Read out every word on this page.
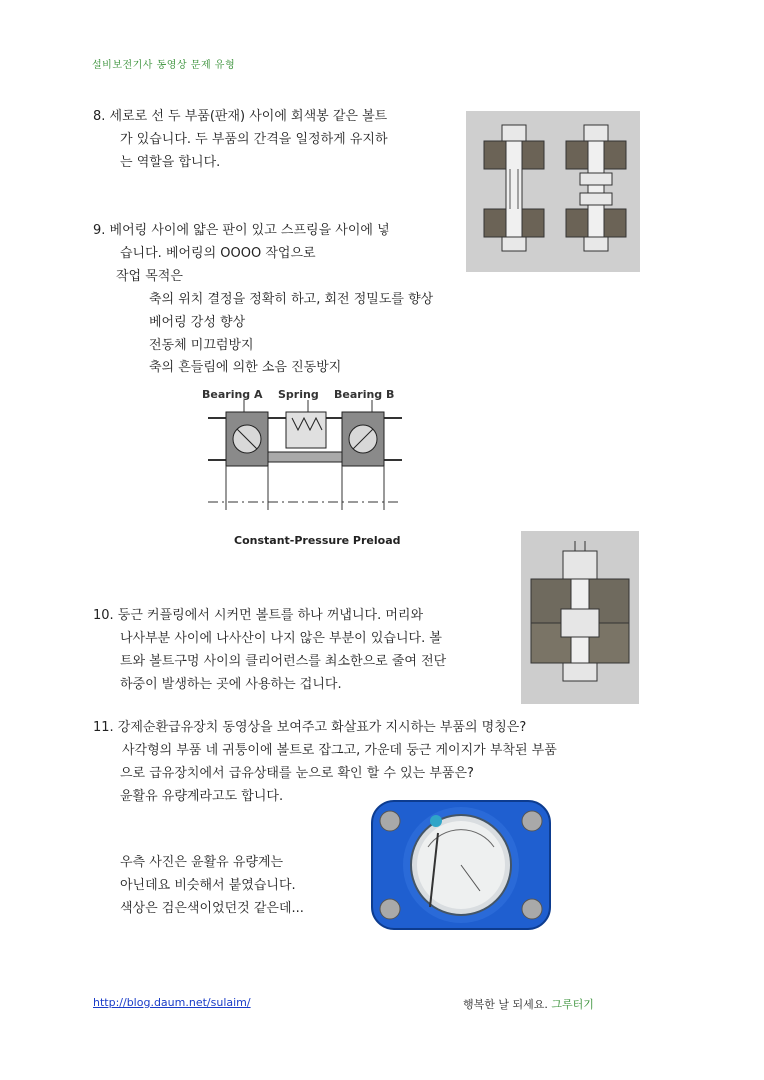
설비보전기사 동영상 문제 유형
8. 세로로 선 두 부품(판재) 사이에 회색봉 같은 볼트
가 있습니다. 두 부품의 간격을 일정하게 유지하
는 역할을 합니다.
9. 베어링 사이에 얇은 판이 있고 스프링을 사이에 넣
습니다. 베어링의 OOOO 작업으로
작업 목적은
축의 위치 결정을 정확히 하고, 회전 정밀도를 향상
베어링 강성 향상
전동체 미끄럼방지
축의 흔들림에 의한 소음 진동방지
Bearing A Spring Bearing B
Constant-Pressure Preload
10. 둥근 커플링에서 시커먼 볼트를 하나 꺼냅니다. 머리와
나사부분 사이에 나사산이 나지 않은 부분이 있습니다. 볼
트와 볼트구멍 사이의 클리어런스를 최소한으로 줄여 전단
하중이 발생하는 곳에 사용하는 겁니다.
11. 강제순환급유장치 동영상을 보여주고 화살표가 지시하는 부품의 명칭은?
사각형의 부품 네 귀퉁이에 볼트로 잡그고, 가운데 둥근 게이지가 부착된 부품
으로 급유장치에서 급유상태를 눈으로 확인 할 수 있는 부품은?
윤활유 유량계라고도 합니다.
우측 사진은 윤활유 유량계는
아닌데요 비슷해서 붙였습니다.
색상은 검은색이었던것 같은데...
http://blog.daum.net/sulaim/	행복한 날 되세요. 그루터기
